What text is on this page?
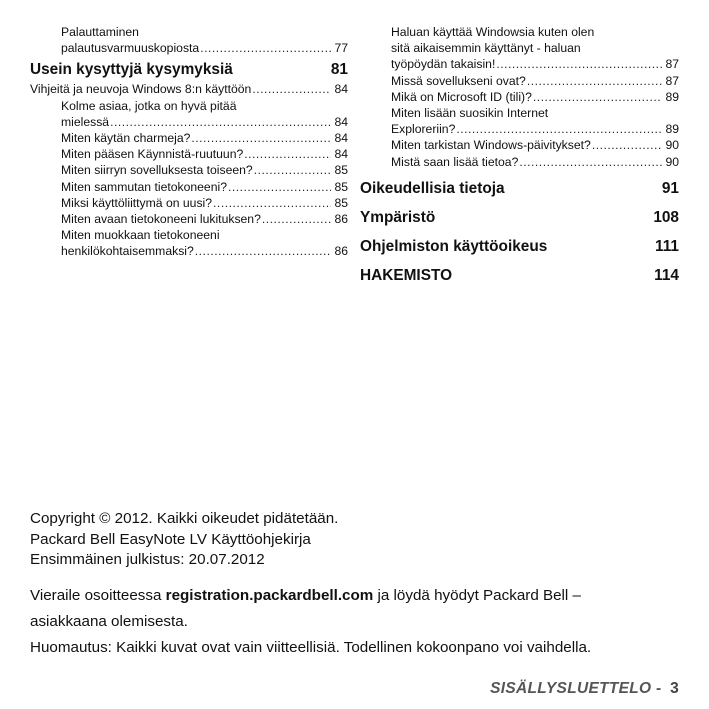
Palauttaminen
palautusvarmuuskopiosta .....	77
Usein kysyttyjä kysymyksiä	81
Vihjeitä ja neuvoja Windows 8:n käyttöön .....	84
Kolme asiaa, jotka on hyvä pitää
mielessä .....	84
Miten käytän charmeja? .....	84
Miten pääsen Käynnistä-ruutuun? .....	84
Miten siirryn sovelluksesta toiseen? .....	85
Miten sammutan tietokoneeni? .....	85
Miksi käyttöliittymä on uusi? .....	85
Miten avaan tietokoneeni lukituksen? .....	86
Miten muokkaan tietokoneeni
henkilökohtaisemmaksi? .....	86
Haluan käyttää Windowsia kuten olen
sitä aikaisemmin käyttänyt - haluan
työpöydän takaisin! .....	87
Missä sovellukseni ovat? .....	87
Mikä on Microsoft ID (tili)? .....	89
Miten lisään suosikin Internet
Exploreriin? .....	89
Miten tarkistan Windows-päivitykset? .....	90
Mistä saan lisää tietoa? .....	90
Oikeudellisia tietoja	91
Ympäristö	108
Ohjelmiston käyttöoikeus	111
HAKEMISTO	114
Copyright © 2012. Kaikki oikeudet pidätetään.
Packard Bell EasyNote LV Käyttöohjekirja
Ensimmäinen julkistus: 20.07.2012
Vieraile osoitteessa registration.packardbell.com ja löydä hyödyt Packard Bell –
asiakkaana olemisesta.
Huomautus: Kaikki kuvat ovat vain viitteellisiä. Todellinen kokoonpano voi vaihdella.
SISÄLLYSLUETTELO - 3
